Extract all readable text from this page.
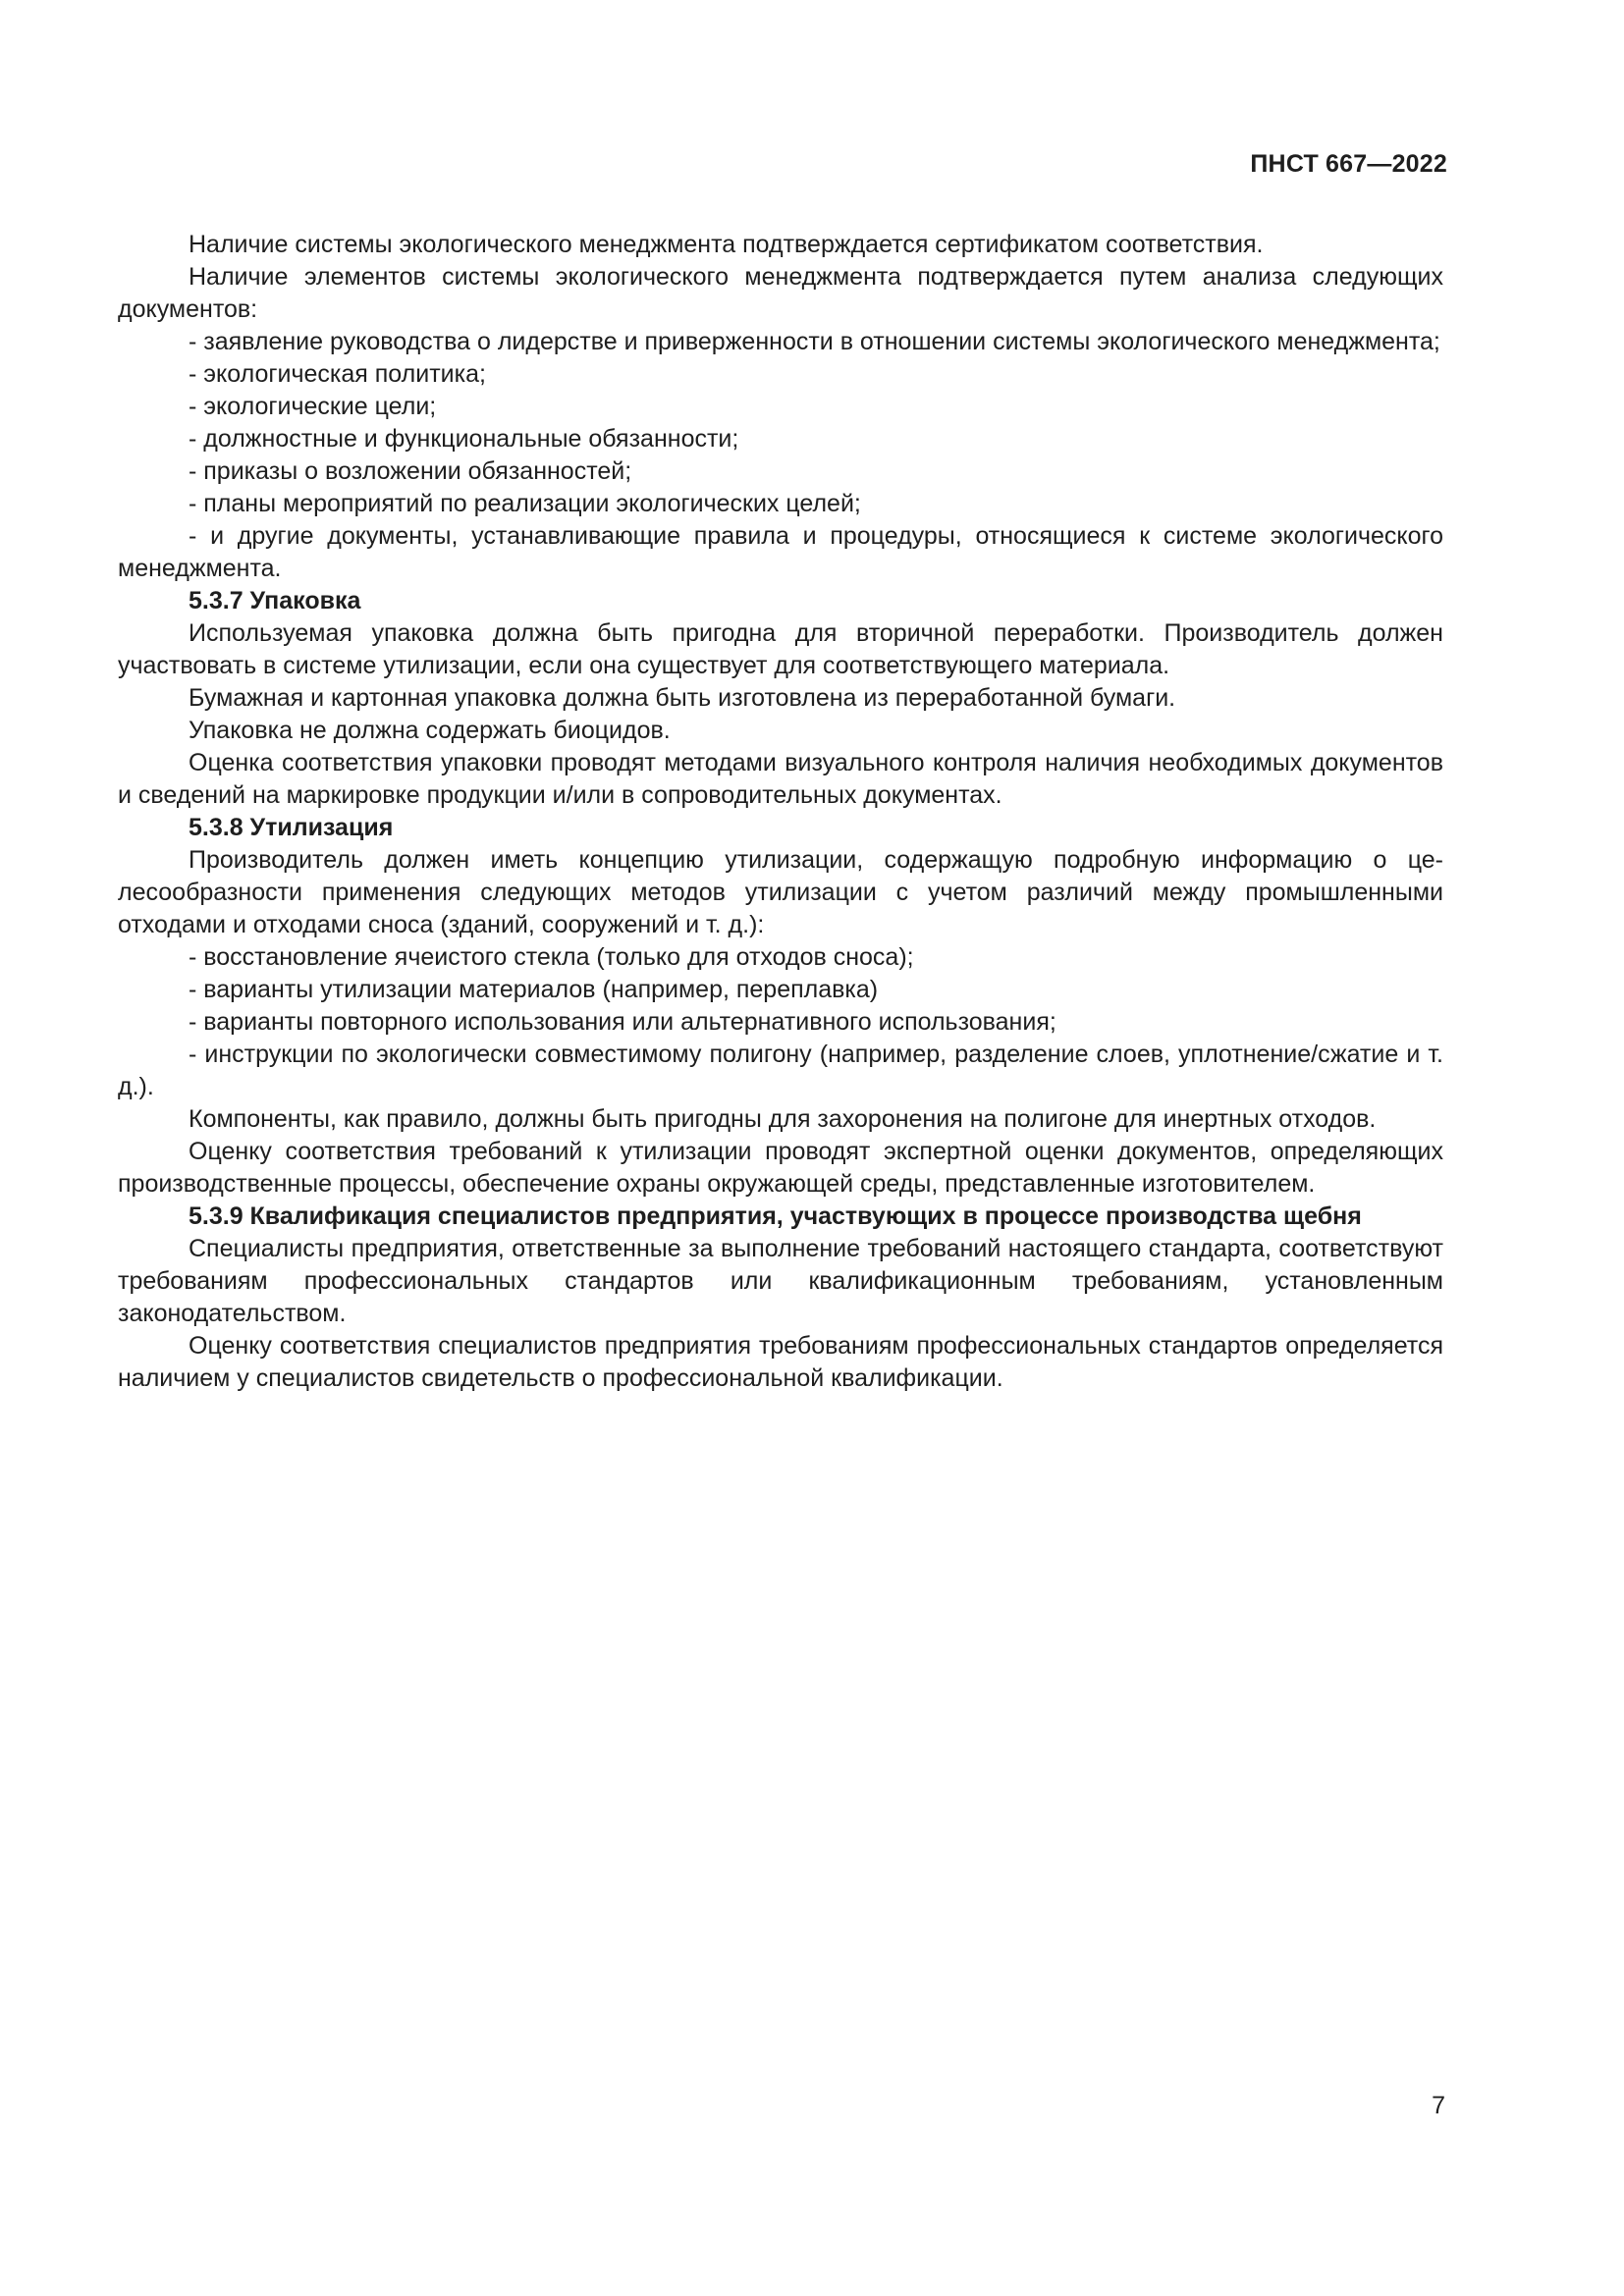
ПНСТ 667—2022

Наличие системы экологического менеджмента подтверждается сертификатом соответствия.

Наличие элементов системы экологического менеджмента подтверждается путем анализа следующих документов:

- заявление руководства о лидерстве и приверженности в отношении системы экологического менеджмента;

- экологическая политика;

- экологические цели;

- должностные и функциональные обязанности;

- приказы о возложении обязанностей;

- планы мероприятий по реализации экологических целей;

- и другие документы, устанавливающие правила и процедуры, относящиеся к системе экологического менеджмента.

5.3.7 Упаковка

Используемая упаковка должна быть пригодна для вторичной переработки. Производитель должен участвовать в системе утилизации, если она существует для соответствующего материала.

Бумажная и картонная упаковка должна быть изготовлена из переработанной бумаги.

Упаковка не должна содержать биоцидов.

Оценка соответствия упаковки проводят методами визуального контроля наличия необходимых документов и сведений на маркировке продукции и/или в сопроводительных документах.

5.3.8 Утилизация

Производитель должен иметь концепцию утилизации, содержащую подробную информацию о целесообразности применения следующих методов утилизации с учетом различий между промышленными отходами и отходами сноса (зданий, сооружений и т. д.):

- восстановление ячеистого стекла (только для отходов сноса);

- варианты утилизации материалов (например, переплавка)

- варианты повторного использования или альтернативного использования;

- инструкции по экологически совместимому полигону (например, разделение слоев, уплотнение/​сжатие и т. д.).

Компоненты, как правило, должны быть пригодны для захоронения на полигоне для инертных отходов.

Оценку соответствия требований к утилизации проводят экспертной оценки документов, определяющих производственные процессы, обеспечение охраны окружающей среды, представленные изготовителем.

5.3.9 Квалификация специалистов предприятия, участвующих в процессе производства щебня

Специалисты предприятия, ответственные за выполнение требований настоящего стандарта, соответствуют требованиям профессиональных стандартов или квалификационным требованиям, установленным законодательством.

Оценку соответствия специалистов предприятия требованиям профессиональных стандартов определяется наличием у специалистов свидетельств о профессиональной квалификации.

7
